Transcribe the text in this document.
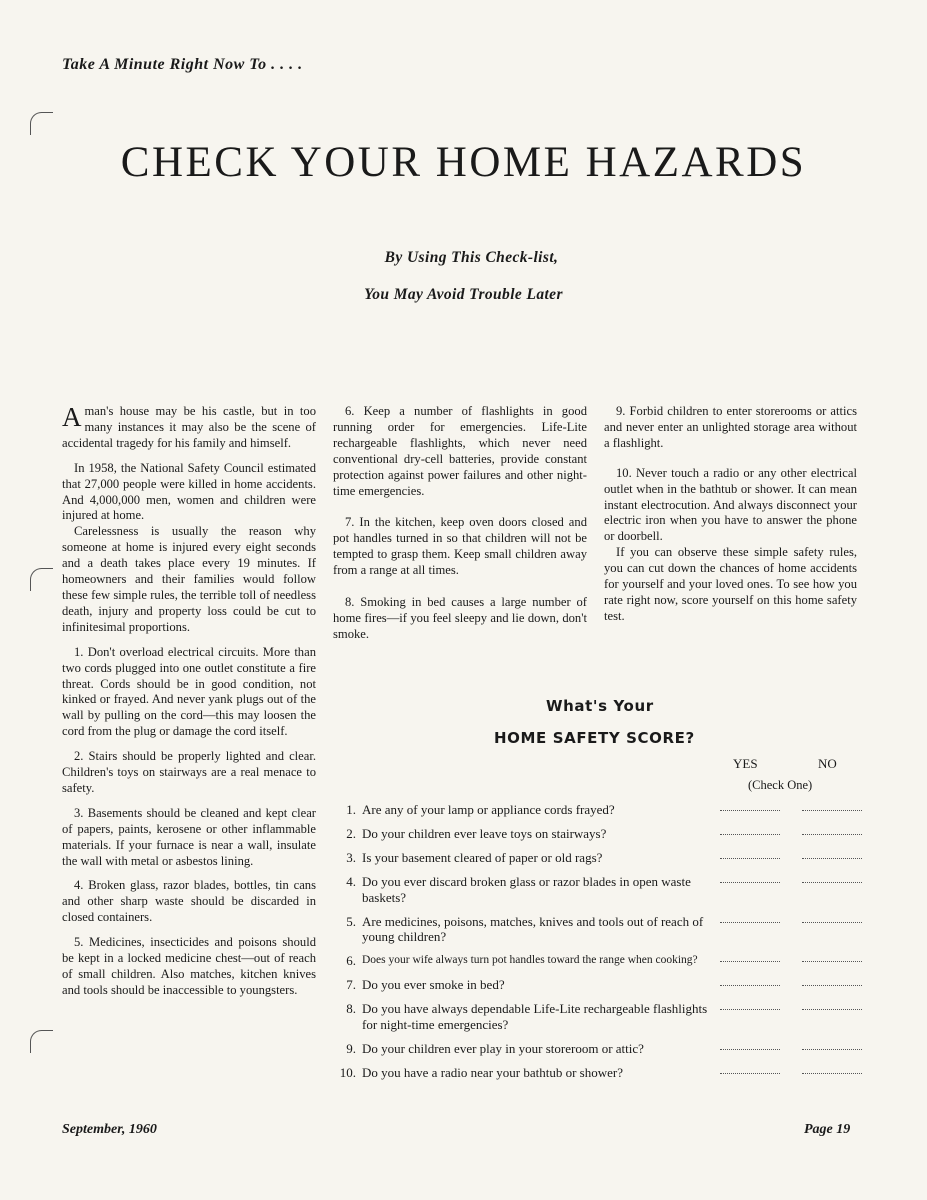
Take A Minute Right Now To . . . .
CHECK YOUR HOME HAZARDS
By Using This Check-list,
You May Avoid Trouble Later

Aman's house may be his castle, but in too many instances it may also be the scene of accidental tragedy for his family and himself.

In 1958, the National Safety Council estimated that 27,000 people were killed in home accidents. And 4,000,000 men, women and children were injured at home.

Carelessness is usually the reason why someone at home is injured every eight seconds and a death takes place every 19 minutes. If homeowners and their families would follow these few simple rules, the terrible toll of needless death, injury and property loss could be cut to infinitesimal proportions.

1. Don't overload electrical circuits. More than two cords plugged into one outlet constitute a fire threat. Cords should be in good condition, not kinked or frayed. And never yank plugs out of the wall by pulling on the cord—this may loosen the cord from the plug or damage the cord itself.

2. Stairs should be properly lighted and clear. Children's toys on stairways are a real menace to safety.

3. Basements should be cleaned and kept clear of papers, paints, kerosene or other inflammable materials. If your furnace is near a wall, insulate the wall with metal or asbestos lining.

4. Broken glass, razor blades, bottles, tin cans and other sharp waste should be discarded in closed containers.

5. Medicines, insecticides and poisons should be kept in a locked medicine chest—out of reach of small children. Also matches, kitchen knives and tools should be inaccessible to youngsters.

6. Keep a number of flashlights in good running order for emergencies. Life-Lite rechargeable flashlights, which never need conventional dry-cell batteries, provide constant protection against power failures and other night-time emergencies.

7. In the kitchen, keep oven doors closed and pot handles turned in so that children will not be tempted to grasp them. Keep small children away from a range at all times.

8. Smoking in bed causes a large number of home fires—if you feel sleepy and lie down, don't smoke.

9. Forbid children to enter storerooms or attics and never enter an unlighted storage area without a flashlight.

10. Never touch a radio or any other electrical outlet when in the bathtub or shower. It can mean instant electrocution. And always disconnect your electric iron when you have to answer the phone or doorbell.

If you can observe these simple safety rules, you can cut down the chances of home accidents for yourself and your loved ones. To see how you rate right now, score yourself on this home safety test.

What's Your
HOME SAFETY SCORE?
YES	NO
(Check One)
1. Are any of your lamp or appliance cords frayed?
2. Do your children ever leave toys on stairways?
3. Is your basement cleared of paper or old rags?
4. Do you ever discard broken glass or razor blades in open waste baskets?
5. Are medicines, poisons, matches, knives and tools out of reach of young children?
6. Does your wife always turn pot handles toward the range when cooking?
7. Do you ever smoke in bed?
8. Do you have always dependable Life-Lite rechargeable flashlights for night-time emergencies?
9. Do your children ever play in your storeroom or attic?
10. Do you have a radio near your bathtub or shower?
September, 1960	Page 19
